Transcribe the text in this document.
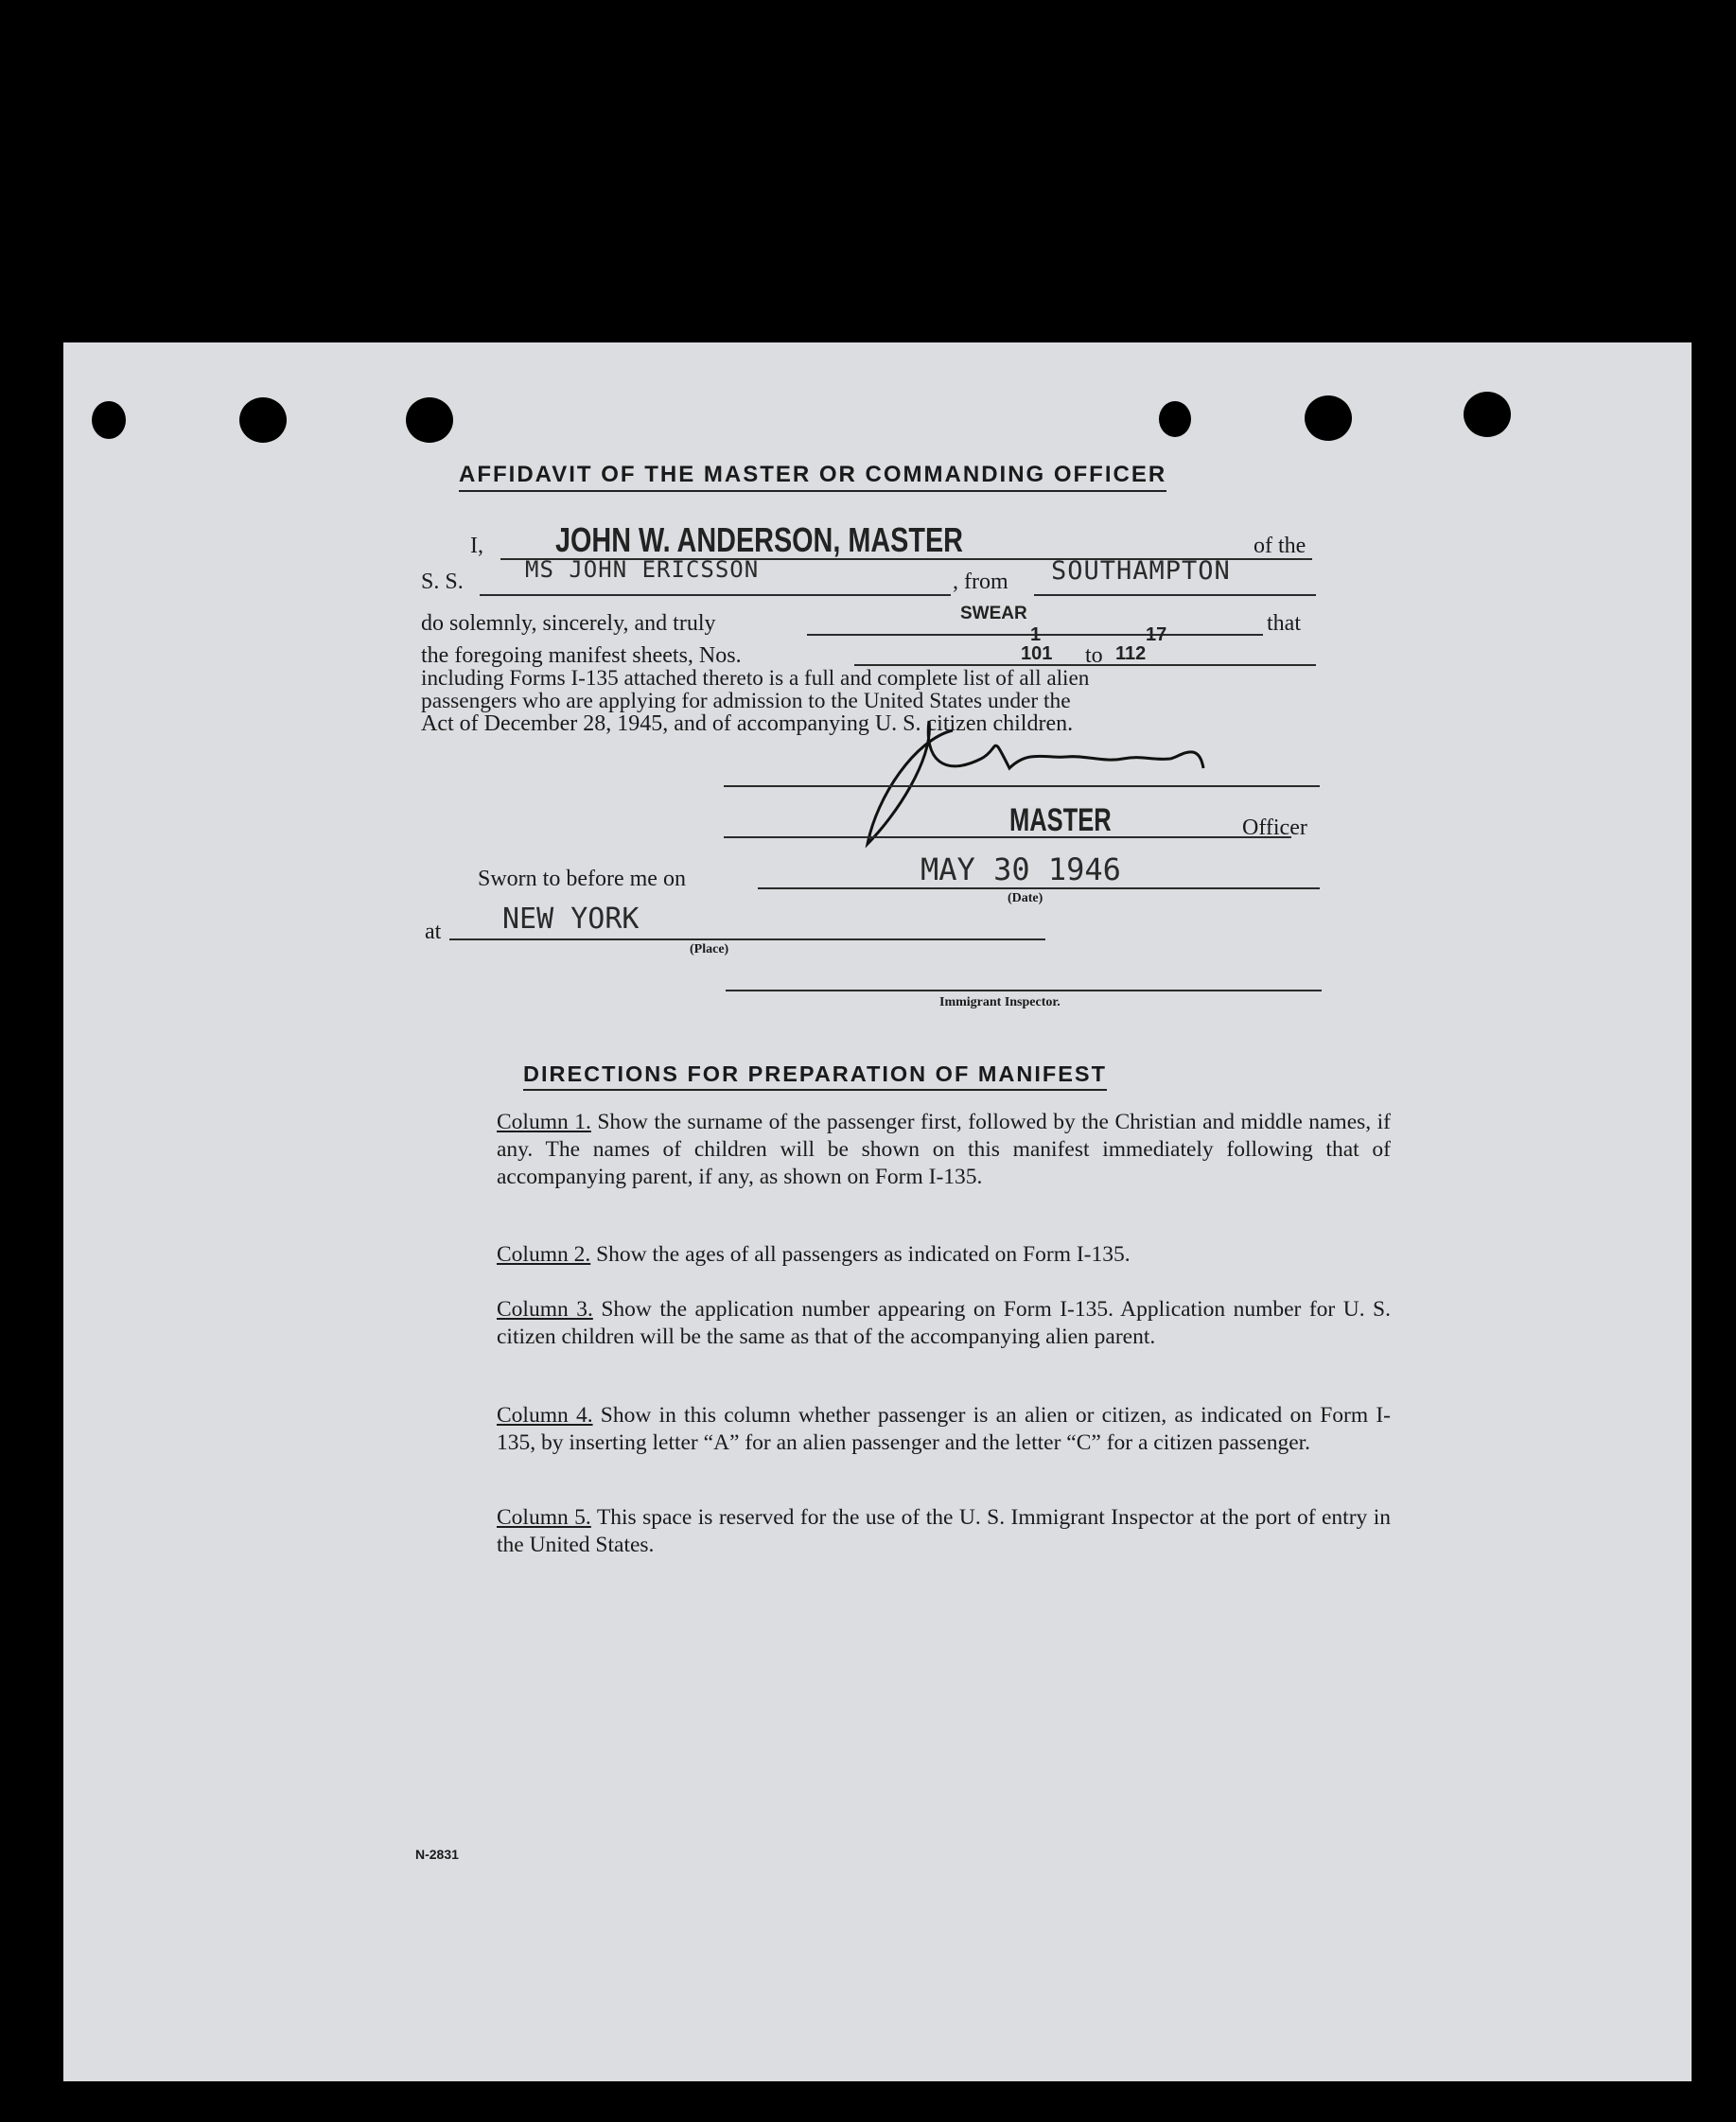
AFFIDAVIT OF THE MASTER OR COMMANDING OFFICER
I, JOHN W. ANDERSON, MASTER	of the
S. S.	MS JOHN ERICSSON	, from SOUTHAMPTON
do solemnly, sincerely, and truly	SWEAR	that
the foregoing manifest sheets, Nos.
1
101 to
17
112
including Forms I-135 attached thereto is a full and complete list of all alien
passengers who are applying for admission to the United States under the
Act of December 28, 1945, and of accompanying U. S. citizen children.
MASTER	Officer
Sworn to before me on	MAY 30 1946
(Date)
at NEW YORK
(Place)
Immigrant Inspector.
DIRECTIONS FOR PREPARATION OF MANIFEST
Column 1. Show the surname of the passenger first, followed by the Christian and middle names, if any. The names of children will be shown on this manifest immediately following that of accompanying parent, if any, as shown on Form I-135.
Column 2. Show the ages of all passengers as indicated on Form I-135.
Column 3. Show the application number appearing on Form I-135. Application number for U. S. citizen children will be the same as that of the accompanying alien parent.
Column 4. Show in this column whether passenger is an alien or citizen, as indicated on Form I-135, by inserting letter “A” for an alien passenger and the letter “C” for a citizen passenger.
Column 5. This space is reserved for the use of the U. S. Immigrant Inspector at the port of entry in the United States.
N-2831
